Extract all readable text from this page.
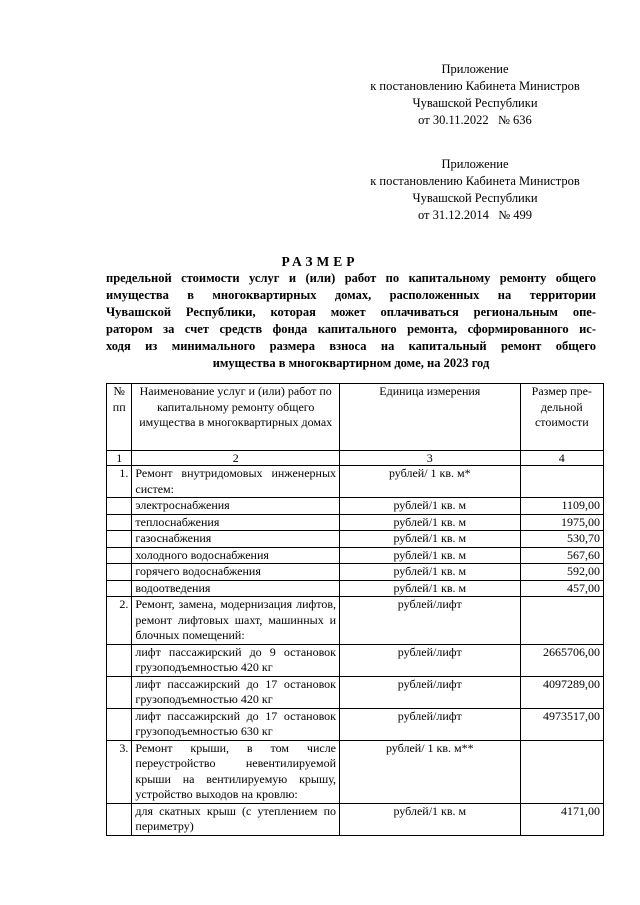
Приложение
к постановлению Кабинета Министров
Чувашской Республики
от 30.11.2022   № 636
Приложение
к постановлению Кабинета Министров
Чувашской Республики
от 31.12.2014   № 499
РАЗМЕР
предельной стоимости услуг и (или) работ по капитальному ремонту общего
имущества в многоквартирных домах, расположенных на территории
Чувашской Республики, которая может оплачиваться региональным опе-
ратором за счет средств фонда капитального ремонта, сформированного ис-
ходя из минимального размера взноса на капитальный ремонт общего
имущества в многоквартирном доме, на 2023 год
№ пп	Наименование услуг и (или) работ по капитальному ремонту общего имущества в многоквартирных домах	Единица измерения	Размер пре- дельной стоимости
1	2	3	4
1.	Ремонт внутридомовых инженерных систем:	рублей/ 1 кв. м*	
	электроснабжения	рублей/1 кв. м	1109,00
	теплоснабжения	рублей/1 кв. м	1975,00
	газоснабжения	рублей/1 кв. м	530,70
	холодного водоснабжения	рублей/1 кв. м	567,60
	горячего водоснабжения	рублей/1 кв. м	592,00
	водоотведения	рублей/1 кв. м	457,00
2.	Ремонт, замена, модернизация лифтов, ремонт лифтовых шахт, машинных и блочных помещений:	рублей/лифт	
	лифт пассажирский до 9 остановок грузоподъемностью 420 кг	рублей/лифт	2665706,00
	лифт пассажирский до 17 остановок грузоподъемностью 420 кг	рублей/лифт	4097289,00
	лифт пассажирский до 17 остановок грузоподъемностью 630 кг	рублей/лифт	4973517,00
3.	Ремонт крыши, в том числе переустройство невентилируемой крыши на вентилируемую крышу, устройство выходов на кровлю:	рублей/ 1 кв. м**	
	для скатных крыш (с утеплением по периметру)	рублей/1 кв. м	4171,00
